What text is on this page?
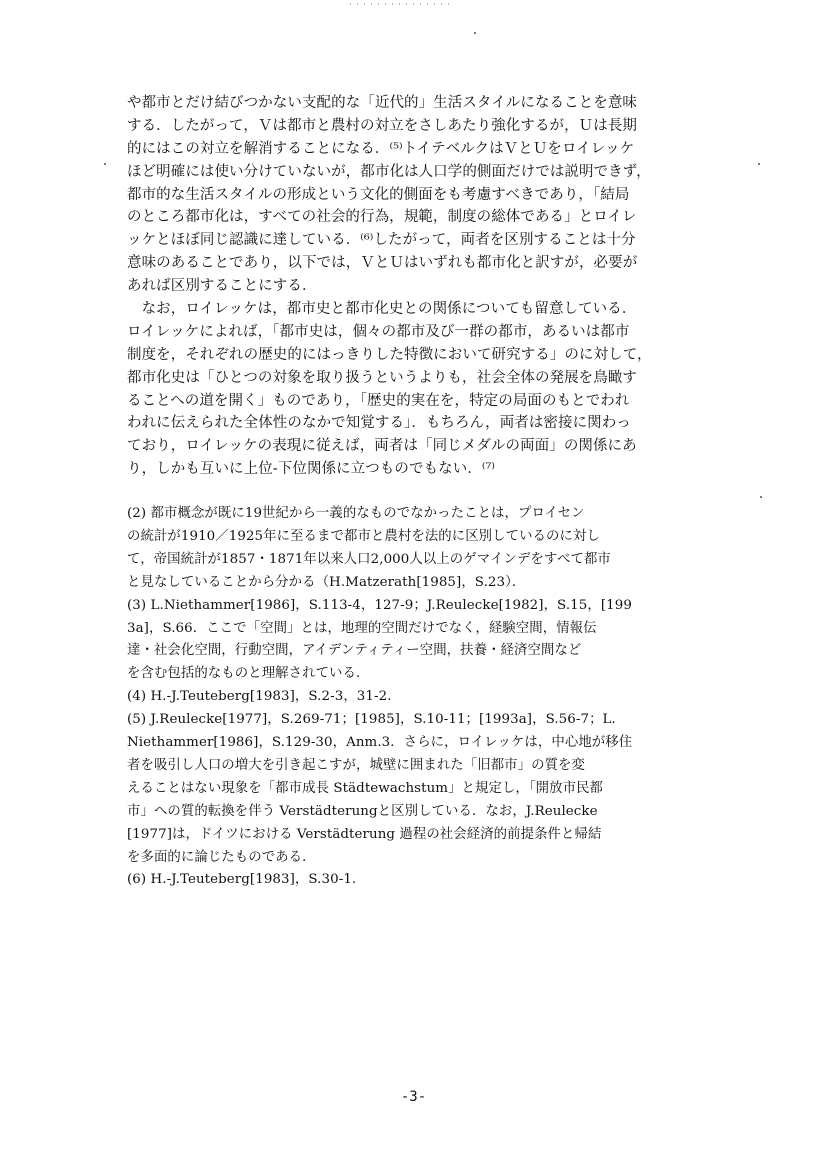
や都市とだけ結びつかない支配的な「近代的」生活スタイルになることを意味
する．したがって，Ｖは都市と農村の対立をさしあたり強化するが，Ｕは長期
的にはこの対立を解消することになる．⁽⁵⁾トイテベルクはＶとＵをロイレッケ
ほど明確には使い分けていないが，都市化は人口学的側面だけでは説明できず，
都市的な生活スタイルの形成という文化的側面をも考慮すべきであり，「結局
のところ都市化は，すべての社会的行為，規範，制度の総体である」とロイレ
ッケとほぼ同じ認識に達している．⁽⁶⁾したがって，両者を区別することは十分
意味のあることであり，以下では，ＶとＵはいずれも都市化と訳すが，必要が
あれば区別することにする．
　なお，ロイレッケは，都市史と都市化史との関係についても留意している．
ロイレッケによれば，「都市史は，個々の都市及び一群の都市，あるいは都市
制度を，それぞれの歴史的にはっきりした特徴において研究する」のに対して，
都市化史は「ひとつの対象を取り扱うというよりも，社会全体の発展を鳥瞰す
ることへの道を開く」ものであり，「歴史的実在を，特定の局面のもとでわれ
われに伝えられた全体性のなかで知覚する」．もちろん，両者は密接に関わっ
ており，ロイレッケの表現に従えば，両者は「同じメダルの両面」の関係にあ
り，しかも互いに上位-下位関係に立つものでもない．⁽⁷⁾
(2) 都市概念が既に19世紀から一義的なものでなかったことは，プロイセン
の統計が1910／1925年に至るまで都市と農村を法的に区別しているのに対し
て，帝国統計が1857・1871年以来人口2,000人以上のゲマインデをすべて都市
と見なしていることから分かる（H.Matzerath[1985]，S.23）．
(3) L.Niethammer[1986]，S.113-4，127-9；J.Reulecke[1982]，S.15，[199
3a]，S.66．ここで「空間」とは，地理的空間だけでなく，経験空間，情報伝
達・社会化空間，行動空間，アイデンティティー空間，扶養・経済空間など
を含む包括的なものと理解されている．
(4) H.-J.Teuteberg[1983]，S.2-3，31-2.
(5) J.Reulecke[1977]，S.269-71；[1985]，S.10-11；[1993a]，S.56-7；L.
Niethammer[1986]，S.129-30，Anm.3．さらに，ロイレッケは，中心地が移住
者を吸引し人口の増大を引き起こすが，城壁に囲まれた「旧都市」の質を変
えることはない現象を「都市成長 Städtewachstum」と規定し，「開放市民都
市」への質的転換を伴う Verstädterungと区別している．なお，J.Reulecke
[1977]は，ドイツにおける Verstädterung 過程の社会経済的前提条件と帰結
を多面的に論じたものである．
(6) H.-J.Teuteberg[1983]，S.30-1.
-3-
